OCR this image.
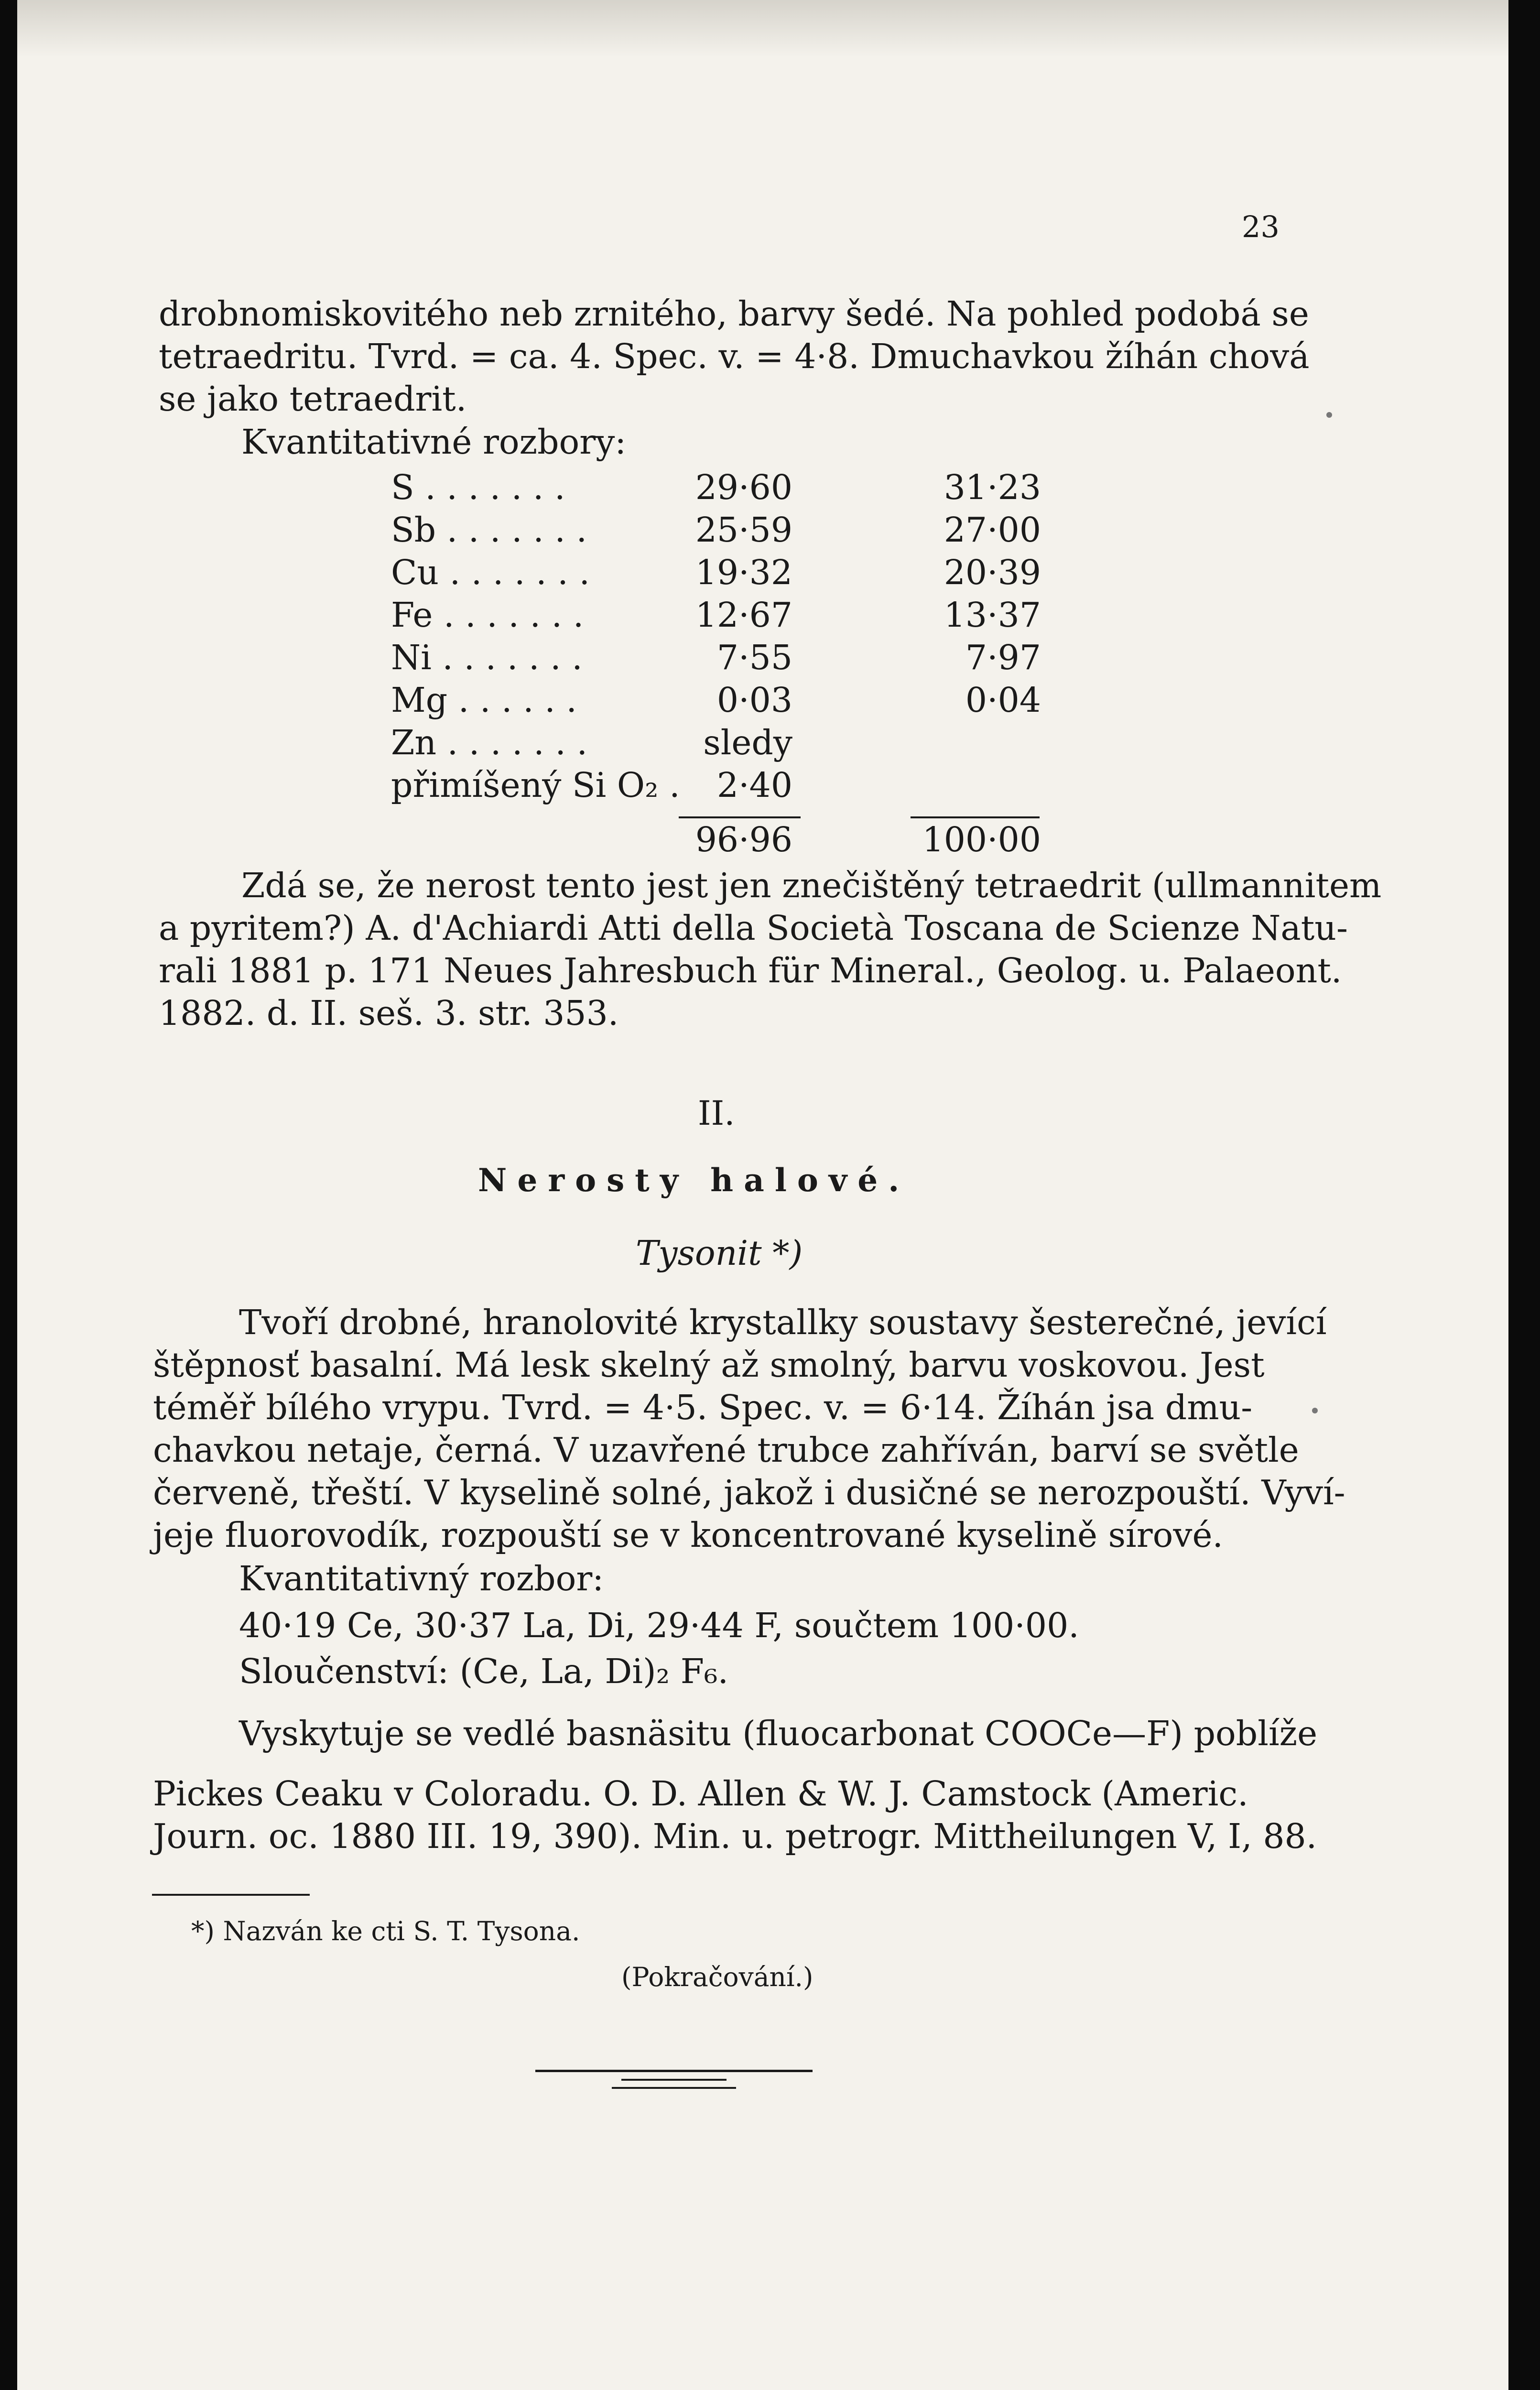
23
drobnomiskovitého neb zrnitého, barvy šedé. Na pohled podobá se
tetraedritu. Tvrd. = ca. 4. Spec. v. = 4·8. Dmuchavkou žíhán chová
se jako tetraedrit.
Kvantitativné rozbory:
S . . . . . . .	29·60	31·23
Sb . . . . . . .	25·59	27·00
Cu . . . . . . .	19·32	20·39
Fe . . . . . . .	12·67	13·37
Ni . . . . . . .	7·55	7·97
Mg . . . . . .	0·03	0·04
Zn . . . . . . .	sledy
přimíšený Si O₂ . 2·40
96·96	100·00
Zdá se, že nerost tento jest jen znečištěný tetraedrit (ullmannitem
a pyritem?) A. d'Achiardi Atti della Società Toscana de Scienze Natu-
rali 1881 p. 171 Neues Jahresbuch für Mineral., Geolog. u. Palaeont.
1882. d. II. seš. 3. str. 353.
II.
Nerosty halové.
Tysonit *)
Tvoří drobné, hranolovité krystallky soustavy šesterečné, jevící
štěpnosť basalní. Má lesk skelný až smolný, barvu voskovou. Jest
téměř bílého vrypu. Tvrd. = 4·5. Spec. v. = 6·14. Žíhán jsa dmu-
chavkou netaje, černá. V uzavřené trubce zahříván, barví se světle
červeně, třeští. V kyselině solné, jakož i dusičné se nerozpouští. Vyví-
jeje fluorovodík, rozpouští se v koncentrované kyselině sírové.
Kvantitativný rozbor:
40·19 Ce, 30·37 La, Di, 29·44 F, součtem 100·00.
Sloučenství: (Ce, La, Di)₂ F₆.
Vyskytuje se vedlé basnäsitu (fluocarbonat COOCe—F) poblíže
Pickes Ceaku v Coloradu. O. D. Allen & W. J. Camstock (Americ.
Journ. oc. 1880 III. 19, 390). Min. u. petrogr. Mittheilungen V, I, 88.
*) Nazván ke cti S. T. Tysona.
(Pokračování.)
